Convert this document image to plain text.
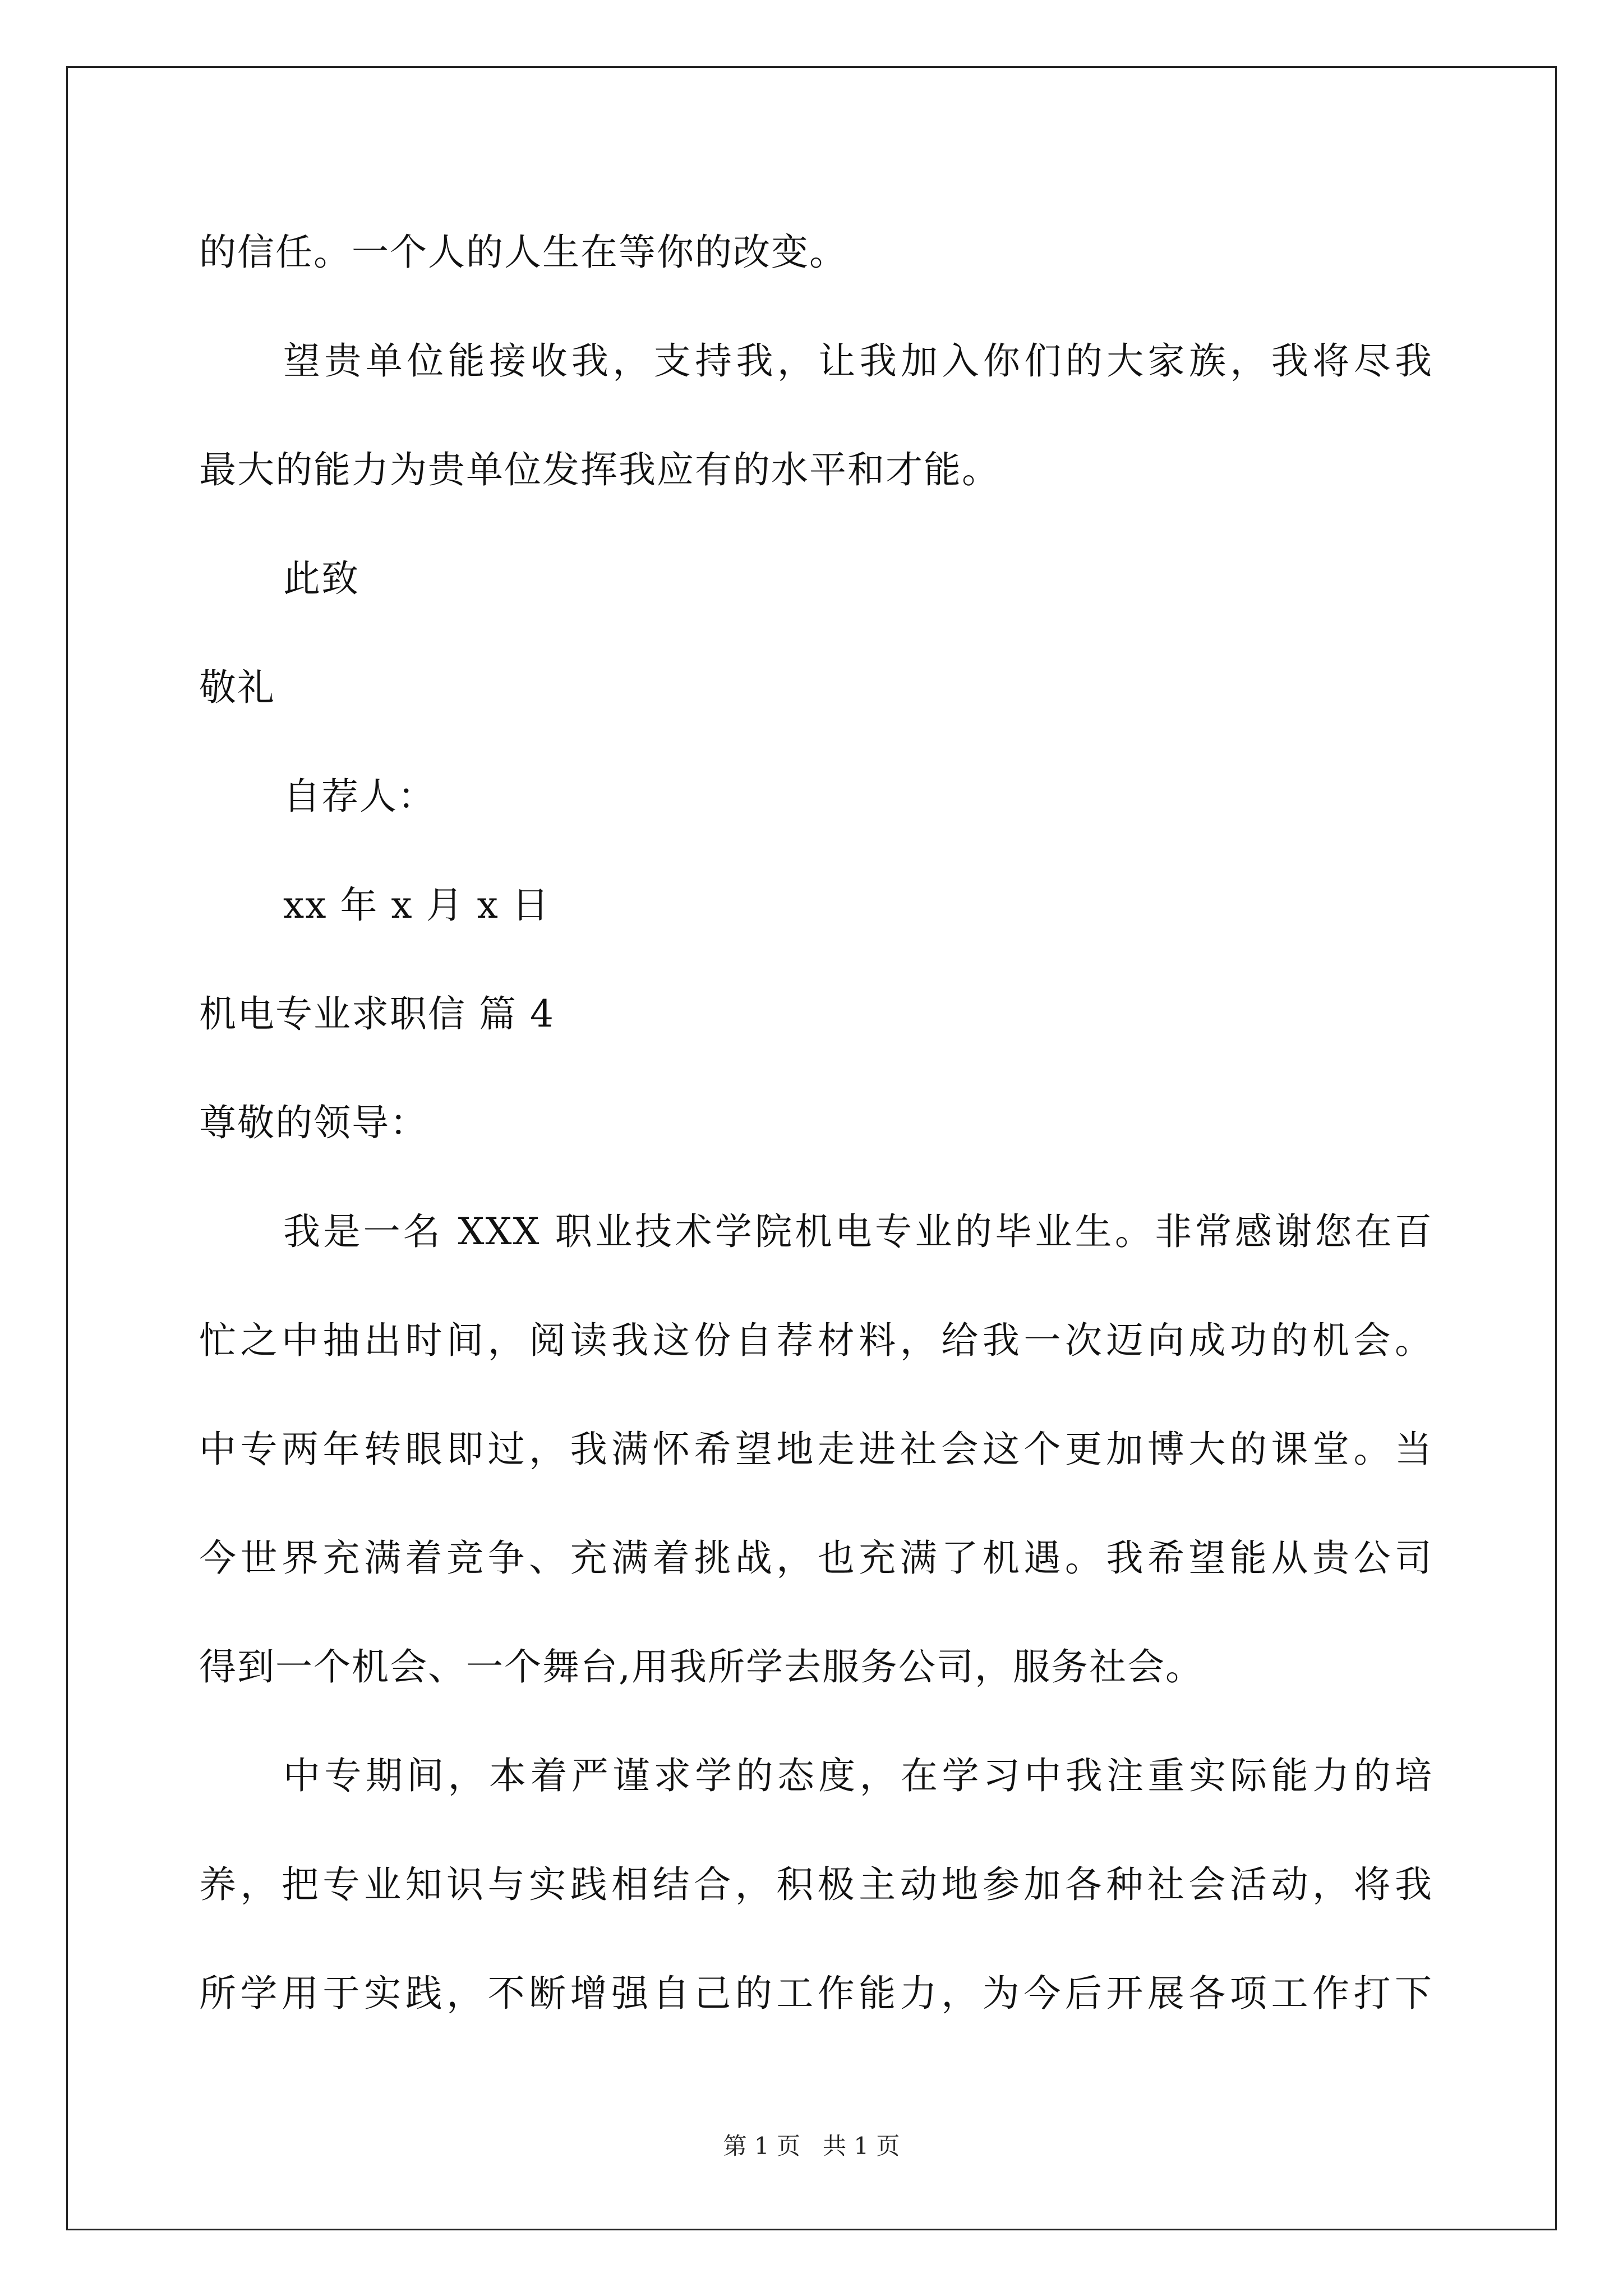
的信任。一个人的人生在等你的改变。
望贵单位能接收我，支持我，让我加入你们的大家族，我将尽我
最大的能力为贵单位发挥我应有的水平和才能。
此致
敬礼
自荐人：
xx 年 x 月 x 日
机电专业求职信 篇 4
尊敬的领导：
我是一名 XXX 职业技术学院机电专业的毕业生。非常感谢您在百
忙之中抽出时间，阅读我这份自荐材料，给我一次迈向成功的机会。
中专两年转眼即过，我满怀希望地走进社会这个更加博大的课堂。当
今世界充满着竞争、充满着挑战，也充满了机遇。我希望能从贵公司
得到一个机会、一个舞台,用我所学去服务公司，服务社会。
中专期间，本着严谨求学的态度，在学习中我注重实际能力的培
养，把专业知识与实践相结合，积极主动地参加各种社会活动，将我
所学用于实践，不断增强自己的工作能力，为今后开展各项工作打下
第 1 页 共 1 页
